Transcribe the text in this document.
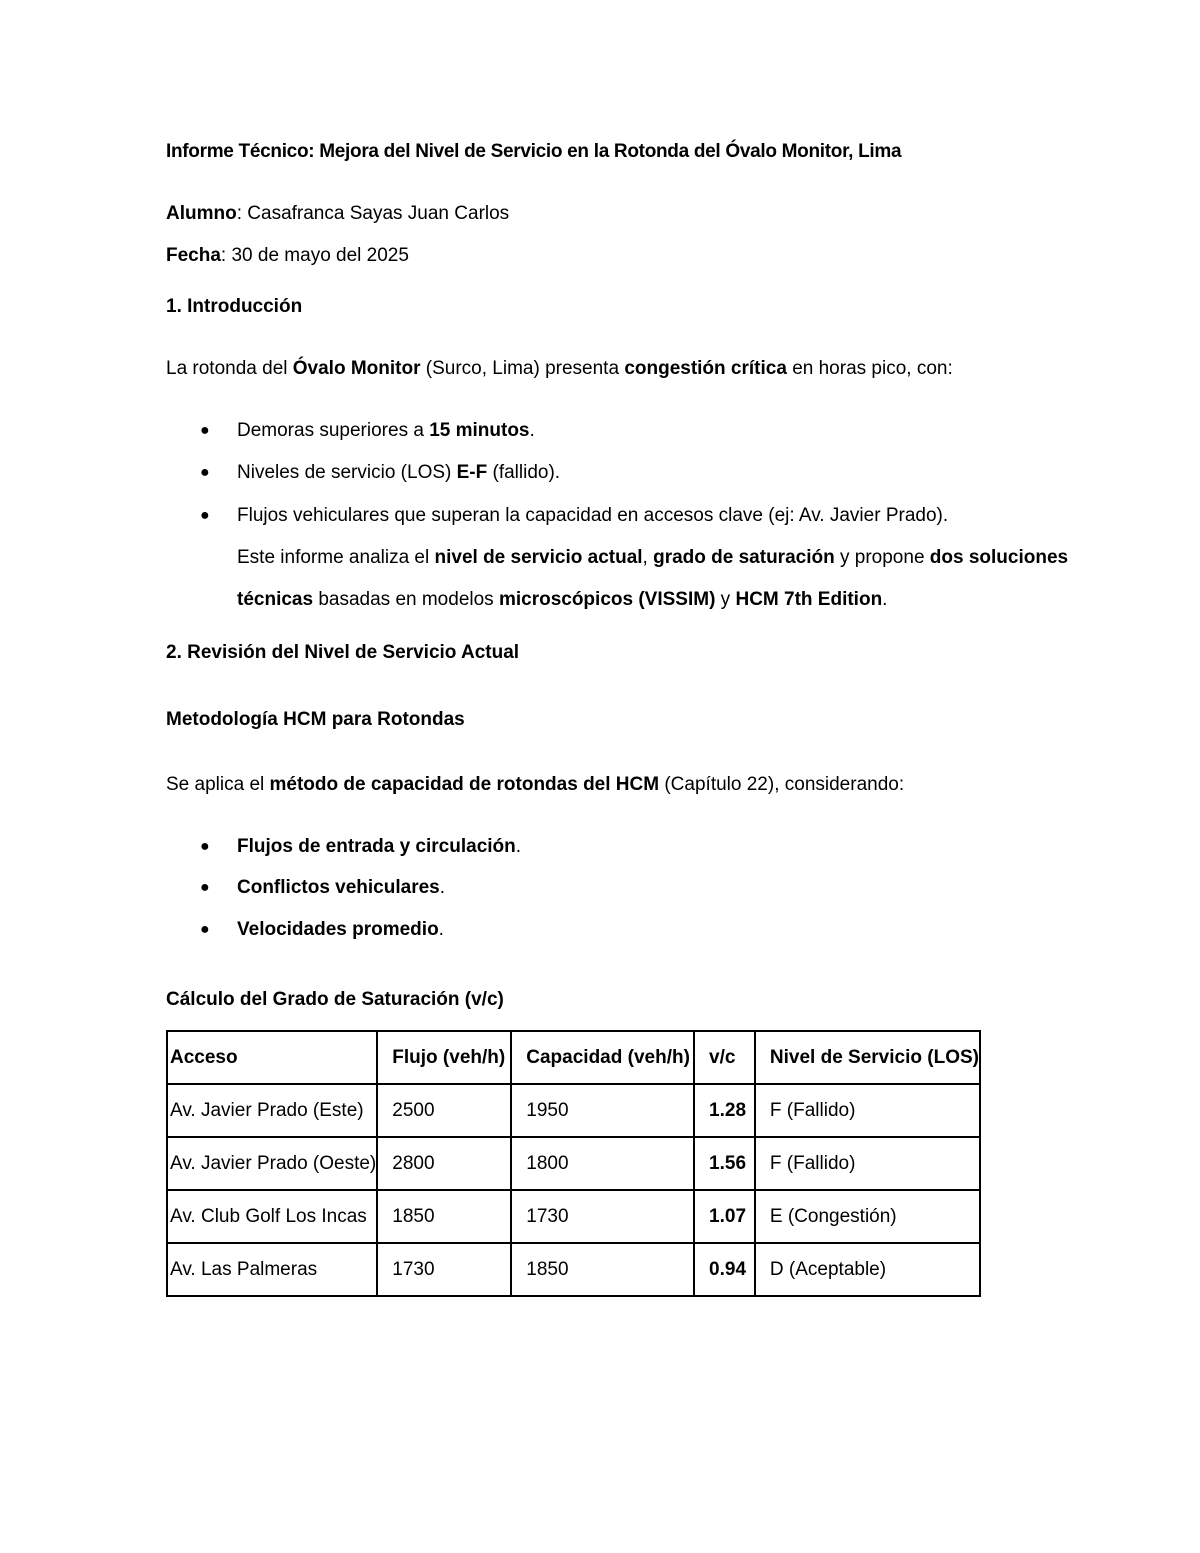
Informe Técnico: Mejora del Nivel de Servicio en la Rotonda del Óvalo Monitor, Lima
Alumno: Casafranca Sayas Juan Carlos
Fecha: 30 de mayo del 2025
1. Introducción
La rotonda del Óvalo Monitor (Surco, Lima) presenta congestión crítica en horas pico, con:
● Demoras superiores a 15 minutos.
● Niveles de servicio (LOS) E-F (fallido).
● Flujos vehiculares que superan la capacidad en accesos clave (ej: Av. Javier Prado).
Este informe analiza el nivel de servicio actual, grado de saturación y propone dos soluciones
técnicas basadas en modelos microscópicos (VISSIM) y HCM 7th Edition.
2. Revisión del Nivel de Servicio Actual
Metodología HCM para Rotondas
Se aplica el método de capacidad de rotondas del HCM (Capítulo 22), considerando:
● Flujos de entrada y circulación.
● Conflictos vehiculares.
● Velocidades promedio.
Cálculo del Grado de Saturación (v/c)
Acceso	Flujo (veh/h)	Capacidad (veh/h)	v/c	Nivel de Servicio (LOS)
Av. Javier Prado (Este)	2500	1950	1.28	F (Fallido)
Av. Javier Prado (Oeste)	2800	1800	1.56	F (Fallido)
Av. Club Golf Los Incas	1850	1730	1.07	E (Congestión)
Av. Las Palmeras	1730	1850	0.94	D (Aceptable)
